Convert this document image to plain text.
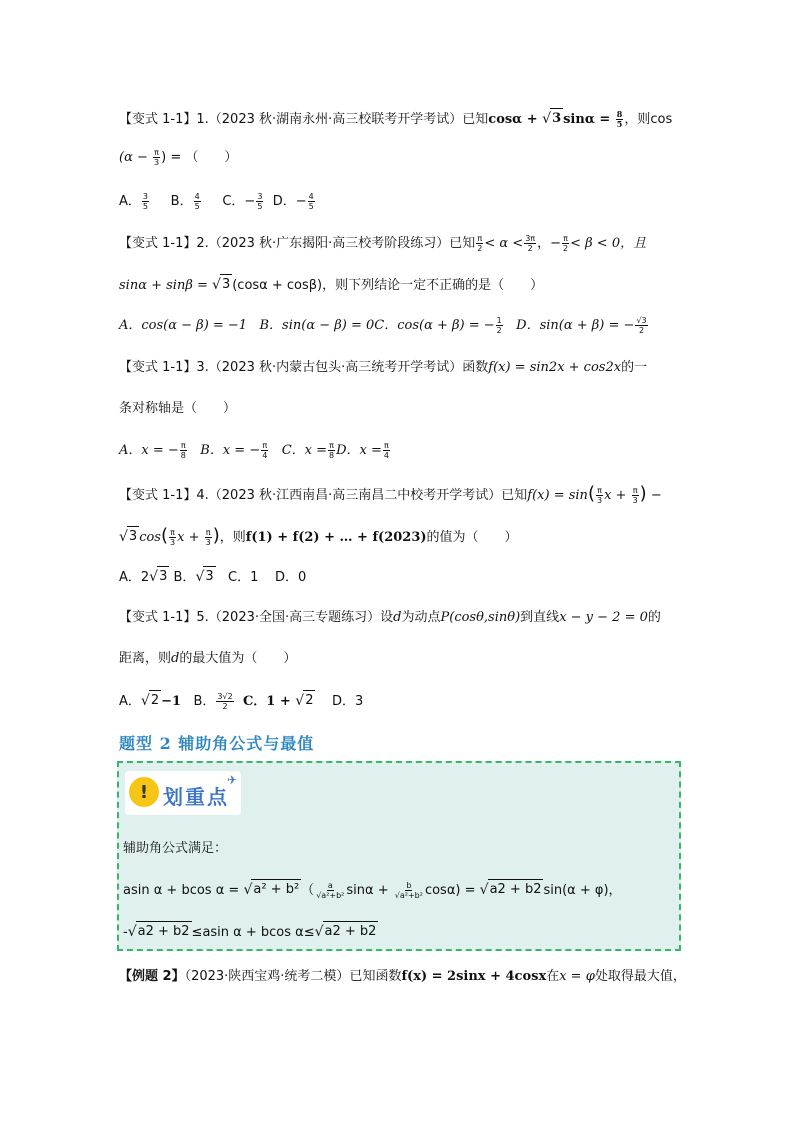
【变式 1-1】1.（2023 秋·湖南永州·高三校联考开学考试）已知cosα + √ 3 $\sin\alpha = \frac{8}{5}$ ，则cos
($\alpha - \frac{\pi}{3}$ ) = （　　）
A． $\frac{3}{5}$ B． $\frac{4}{5}$ C．− $\frac{3}{5}$ D．− $\frac{4}{5}$
【变式 1-1】2.（2023 秋·广东揭阳·高三校考阶段练习）已知 $\frac{\pi}{2} < \alpha < \frac{3\pi}{2}$ ，− $\frac{\pi}{2} < \beta < 0$，且
sinα + sinβ = √ 3 (cosα + cosβ)，则下列结论一定不正确的是（　　）
A．cos(α − β) = −1 B．sin(α − β) = 0C．cos(α + β) = − $\frac{1}{2}$ D．sin(α + β) = − $\frac{√3}{2}$
【变式 1-1】3.（2023 秋·内蒙古包头·高三统考开学考试）函数f(x) = sin2x + cos2x的一
条对称轴是（　　）
A．x = − $\frac{\pi}{8}$ B．x = − $\frac{\pi}{4}$ C．$x = \frac{\pi}{8}$ D．$x = \frac{\pi}{4}$
【变式 1-1】4.（2023 秋·江西南昌·高三南昌二中校考开学考试）已知$f(x) = \sin( \frac{\pi}{3}$ $x + \frac{\pi}{3}$ ) −
√ 3 $\cos( \frac{\pi}{3}$ $x + \frac{\pi}{3}$ )，则f(1) + f(2) + … + f(2023)的值为（　　）
A．2 √ 3 B． √ 3 C．1 D．0
【变式 1-1】5.（2023·全国·高三专题练习）设d为动点P(cosθ,sinθ)到直线x − y − 2 = 0的
距离，则d的最大值为（　　）
A． √ 2 −1 B． $\frac{3√2}{2}$ C．1 + √ 2 D．3
题型 2 辅助角公式与最值
! 划重点
✈
辅助角公式满足：
asin α + bcos α = √ a² + b² （ $\frac{a}{\text{√a²+b²}}$ $\sin\alpha + \frac{b}{\text{√a²+b²}} \cos\alpha$) = √ a2 + b2 sin(α + φ)，
- √ a2 + b2 ≤asin α + bcos α≤ √ a2 + b2
【例题 2】（2023·陕西宝鸡·统考二模）已知函数f(x) = 2sinx + 4cosx在x = φ处取得最大值，
